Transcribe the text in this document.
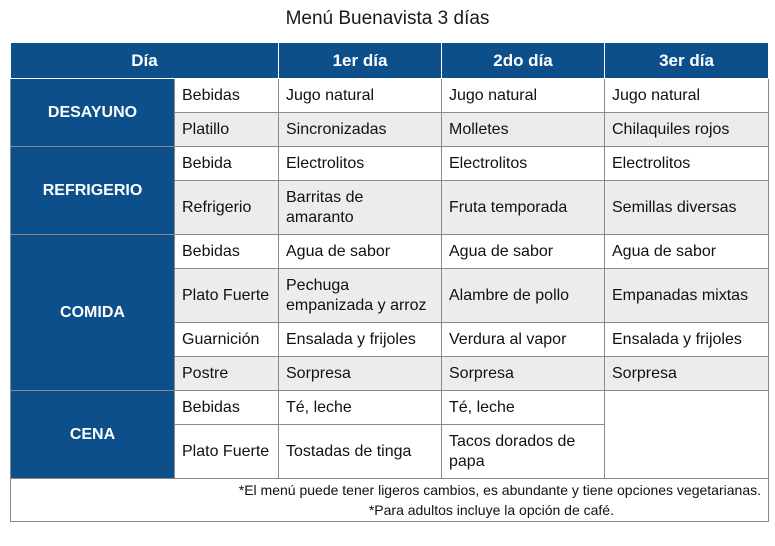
Menú Buenavista 3 días
Día		1er día	2do día	3er día
DESAYUNO	Bebidas	Jugo natural	Jugo natural	Jugo natural
	Platillo	Sincronizadas	Molletes	Chilaquiles rojos
REFRIGERIO	Bebida	Electrolitos	Electrolitos	Electrolitos
	Refrigerio	Barritas de amaranto	Fruta temporada	Semillas diversas
COMIDA	Bebidas	Agua de sabor	Agua de sabor	Agua de sabor
	Plato Fuerte	Pechuga empanizada y arroz	Alambre de pollo	Empanadas mixtas
	Guarnición	Ensalada y frijoles	Verdura al vapor	Ensalada y frijoles
	Postre	Sorpresa	Sorpresa	Sorpresa
CENA	Bebidas	Té, leche	Té, leche	
	Plato Fuerte	Tostadas de tinga	Tacos dorados de papa	

*El menú puede tener ligeros cambios, es abundante y tiene opciones vegetarianas.
*Para adultos incluye la opción de café.				
